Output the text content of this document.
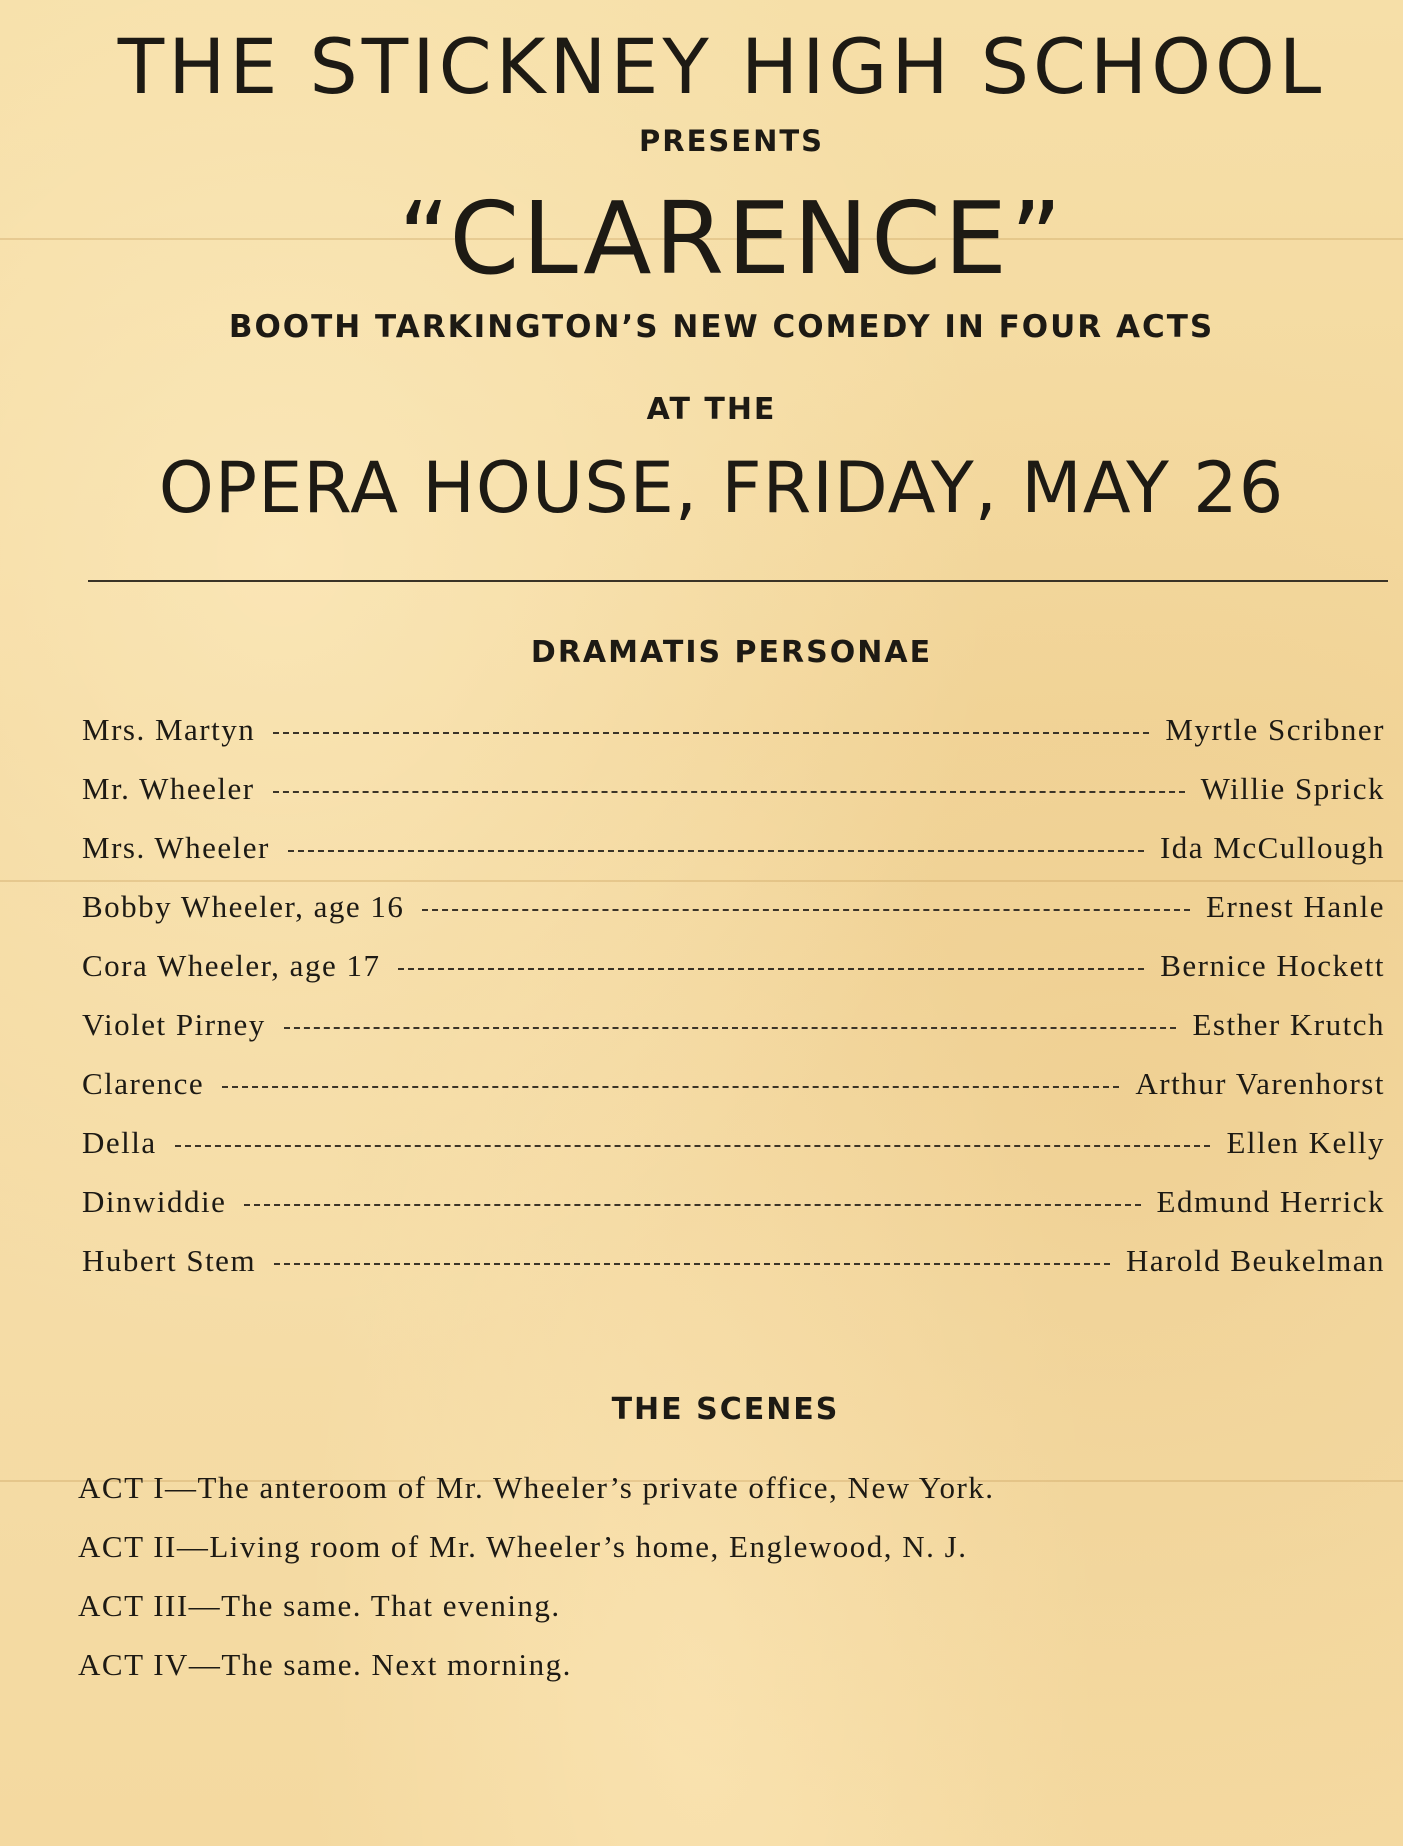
THE STICKNEY HIGH SCHOOL
PRESENTS
“CLARENCE”
BOOTH TARKINGTON’S NEW COMEDY IN FOUR ACTS
AT THE
OPERA HOUSE, FRIDAY, MAY 26
DRAMATIS PERSONAE
Mrs. Martyn	Myrtle Scribner
Mr. Wheeler	Willie Sprick
Mrs. Wheeler	Ida McCullough
Bobby Wheeler, age 16	Ernest Hanle
Cora Wheeler, age 17	Bernice Hockett
Violet Pirney	Esther Krutch
Clarence	Arthur Varenhorst
Della	Ellen Kelly
Dinwiddie	Edmund Herrick
Hubert Stem	Harold Beukelman
THE SCENES
ACT I—The anteroom of Mr. Wheeler’s private office, New York.
ACT II—Living room of Mr. Wheeler’s home, Englewood, N. J.
ACT III—The same. That evening.
ACT IV—The same. Next morning.
